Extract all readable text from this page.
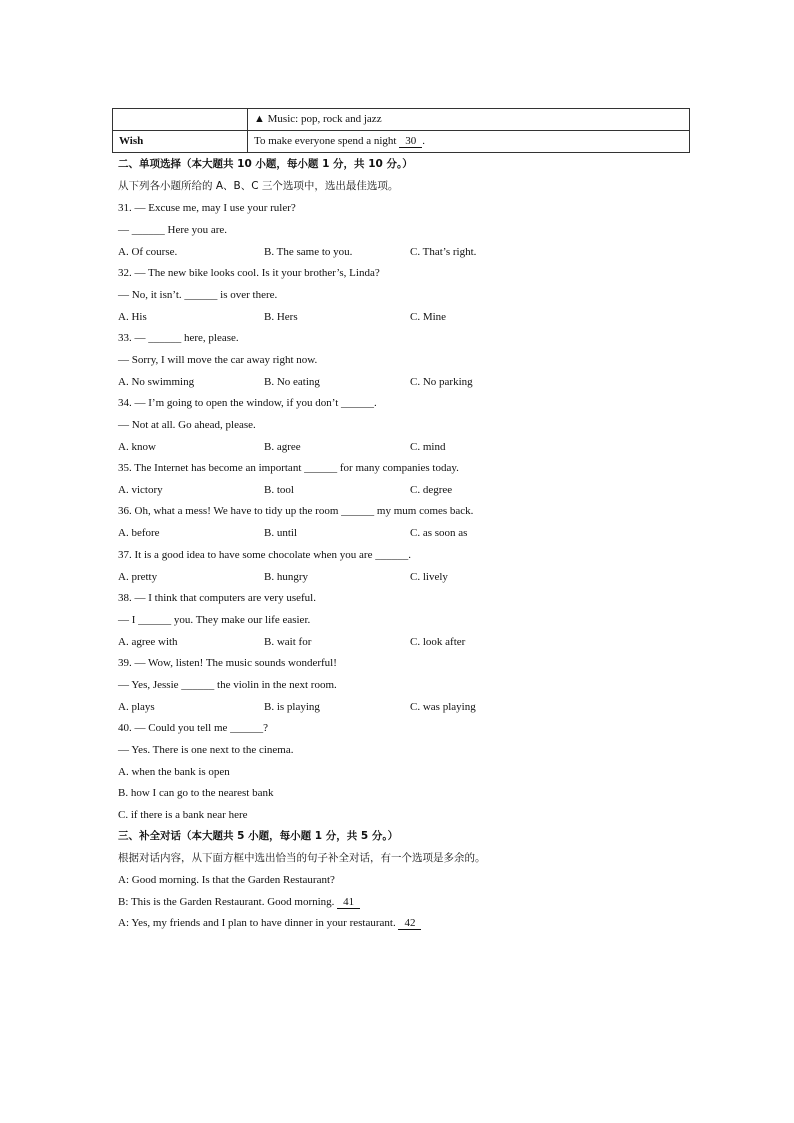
	▲ Music: pop, rock and jazz
Wish	To make everyone spend a night 30 .
二、单项选择（本大题共 10 小题，每小题 1 分，共 10 分。）
从下列各小题所给的 A、B、C 三个选项中，选出最佳选项。
31. — Excuse me, may I use your ruler?
— ______ Here you are.
A. Of course.	B. The same to you.	C. That’s right.
32. — The new bike looks cool. Is it your brother’s, Linda?
— No, it isn’t. ______ is over there.
A. His	B. Hers	C. Mine
33. — ______ here, please.
— Sorry, I will move the car away right now.
A. No swimming	B. No eating	C. No parking
34. — I’m going to open the window, if you don’t ______.
— Not at all. Go ahead, please.
A. know	B. agree	C. mind
35. The Internet has become an important ______ for many companies today.
A. victory	B. tool	C. degree
36. Oh, what a mess! We have to tidy up the room ______ my mum comes back.
A. before	B. until	C. as soon as
37. It is a good idea to have some chocolate when you are ______.
A. pretty	B. hungry	C. lively
38. — I think that computers are very useful.
— I ______ you. They make our life easier.
A. agree with	B. wait for	C. look after
39. — Wow, listen! The music sounds wonderful!
— Yes, Jessie ______ the violin in the next room.
A. plays	B. is playing	C. was playing
40. — Could you tell me ______?
— Yes. There is one next to the cinema.
A. when the bank is open
B. how I can go to the nearest bank
C. if there is a bank near here
三、补全对话（本大题共 5 小题，每小题 1 分，共 5 分。）
根据对话内容，从下面方框中选出恰当的句子补全对话，有一个选项是多余的。
A: Good morning. Is that the Garden Restaurant?
B: This is the Garden Restaurant. Good morning. 41
A: Yes, my friends and I plan to have dinner in your restaurant. 42
